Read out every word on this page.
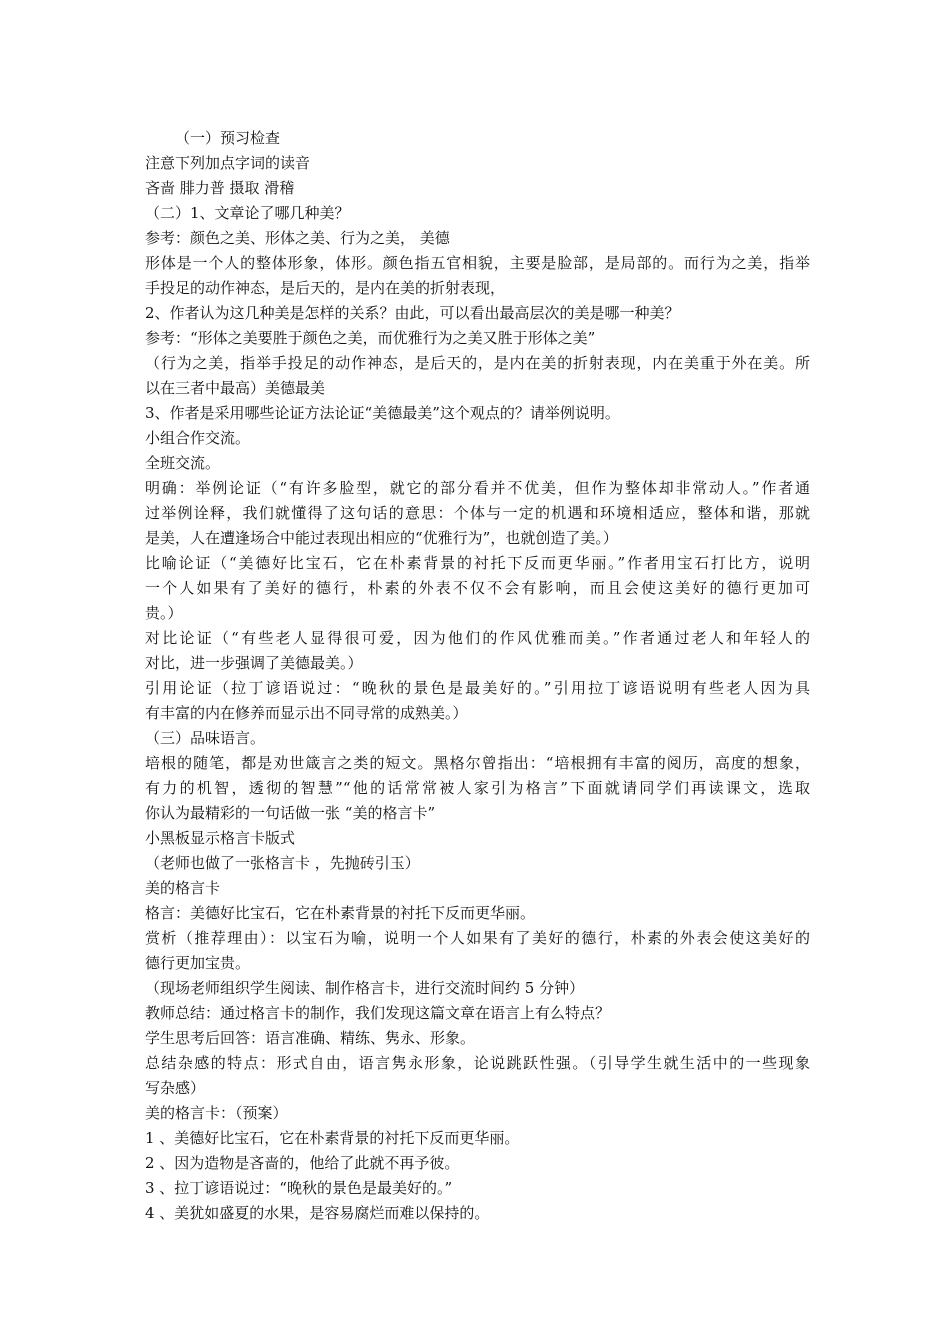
（一）预习检查
注意下列加点字词的读音
吝啬 腓力普 摄取 滑稽
（二）1、文章论了哪几种美？
参考：颜色之美、形体之美、行为之美， 美德
形体是一个人的整体形象，体形。颜色指五官相貌，主要是脸部，是局部的。而行为之美，指举
手投足的动作神态，是后天的，是内在美的折射表现，
2、作者认为这几种美是怎样的关系？由此，可以看出最高层次的美是哪一种美？
参考：“形体之美要胜于颜色之美，而优雅行为之美又胜于形体之美”
（行为之美，指举手投足的动作神态，是后天的，是内在美的折射表现，内在美重于外在美。所
以在三者中最高）美德最美
3、作者是采用哪些论证方法论证“美德最美”这个观点的？请举例说明。
小组合作交流。
全班交流。
明确：举例论证（“有许多脸型，就它的部分看并不优美，但作为整体却非常动人。”作者通
过举例诠释，我们就懂得了这句话的意思：个体与一定的机遇和环境相适应，整体和谐，那就
是美，人在遭逢场合中能过表现出相应的“优雅行为”，也就创造了美。）
比喻论证（“美德好比宝石，它在朴素背景的衬托下反而更华丽。”作者用宝石打比方，说明
一个人如果有了美好的德行，朴素的外表不仅不会有影响，而且会使这美好的德行更加可
贵。）
对比论证（“有些老人显得很可爱，因为他们的作风优雅而美。”作者通过老人和年轻人的
对比，进一步强调了美德最美。）
引用论证（拉丁谚语说过：“晚秋的景色是最美好的。”引用拉丁谚语说明有些老人因为具
有丰富的内在修养而显示出不同寻常的成熟美。）
（三）品味语言。
培根的随笔，都是劝世箴言之类的短文。黑格尔曾指出：“培根拥有丰富的阅历，高度的想象，
有力的机智，透彻的智慧”“他的话常常被人家引为格言”下面就请同学们再读课文，选取
你认为最精彩的一句话做一张 “美的格言卡”
小黑板显示格言卡版式
（老师也做了一张格言卡 ，先抛砖引玉）
美的格言卡
格言：美德好比宝石，它在朴素背景的衬托下反而更华丽。
赏析（推荐理由）：以宝石为喻，说明一个人如果有了美好的德行，朴素的外表会使这美好的
德行更加宝贵。
（现场老师组织学生阅读、制作格言卡，进行交流时间约 5 分钟）
教师总结：通过格言卡的制作，我们发现这篇文章在语言上有么特点？
学生思考后回答：语言准确、精练、隽永、形象。
总结杂感的特点：形式自由，语言隽永形象，论说跳跃性强。（引导学生就生活中的一些现象
写杂感）
美的格言卡：（预案）
1 、美德好比宝石，它在朴素背景的衬托下反而更华丽。
2 、因为造物是吝啬的，他给了此就不再予彼。
3 、拉丁谚语说过：“晚秋的景色是最美好的。”
4 、美犹如盛夏的水果，是容易腐烂而难以保持的。
